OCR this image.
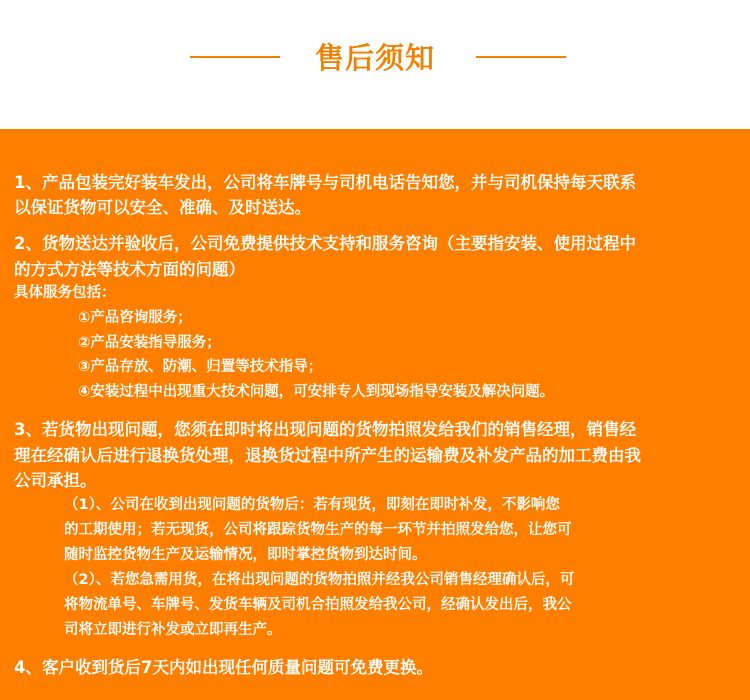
售后须知
1、产品包装完好装车发出，公司将车牌号与司机电话告知您，并与司机保持每天联系
以保证货物可以安全、准确、及时送达。
2、货物送达并验收后，公司免费提供技术支持和服务咨询（主要指安装、使用过程中
的方式方法等技术方面的问题）
具体服务包括：
①产品咨询服务；
②产品安装指导服务；
③产品存放、防潮、归置等技术指导；
④安装过程中出现重大技术问题，可安排专人到现场指导安装及解决问题。
3、若货物出现问题，您须在即时将出现问题的货物拍照发给我们的销售经理，销售经
理在经确认后进行退换货处理，退换货过程中所产生的运输费及补发产品的加工费由我
公司承担。
（1）、公司在收到出现问题的货物后：若有现货，即刻在即时补发，不影响您
的工期使用；若无现货，公司将跟踪货物生产的每一环节并拍照发给您，让您可
随时监控货物生产及运输情况，即时掌控货物到达时间。
（2）、若您急需用货，在将出现问题的货物拍照并经我公司销售经理确认后，可
将物流单号、车牌号、发货车辆及司机合拍照发给我公司，经确认发出后，我公
司将立即进行补发或立即再生产。
4、客户收到货后7天内如出现任何质量问题可免费更换。
